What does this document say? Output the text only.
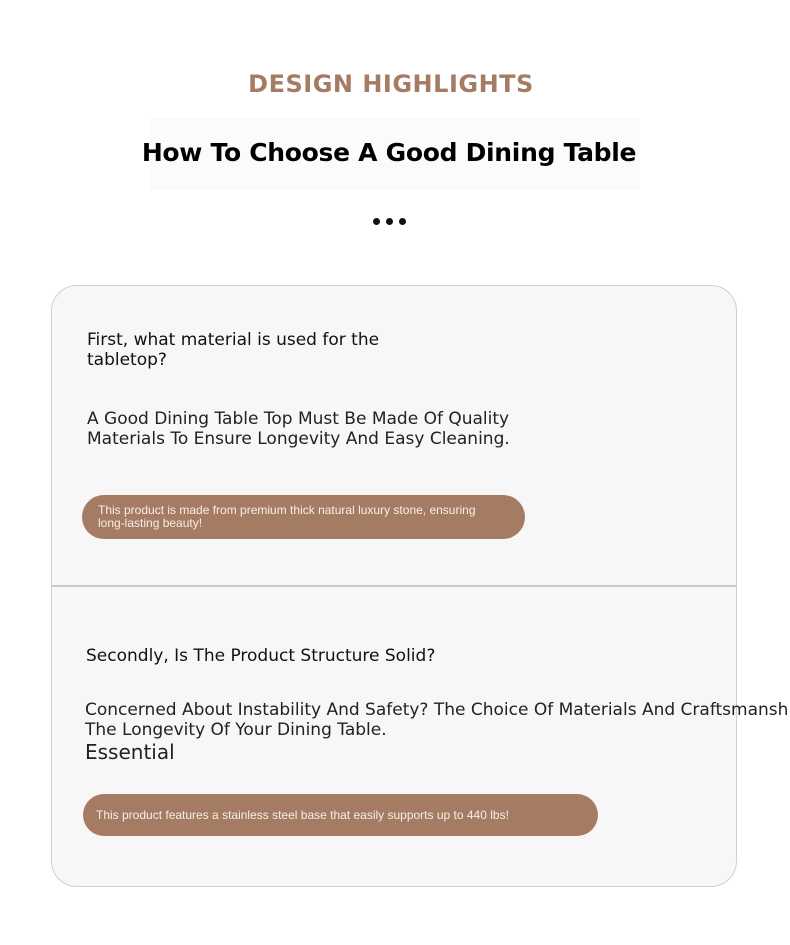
DESIGN HIGHLIGHTS
How To Choose A Good Dining Table
First, what material is used for the
tabletop?
A Good Dining Table Top Must Be Made Of Quality
Materials To Ensure Longevity And Easy Cleaning.
This product is made from premium thick natural luxury stone, ensuring
long-lasting beauty!
Secondly, Is The Product Structure Solid?
Concerned About Instability And Safety? The Choice Of Materials And Craftsmansh
The Longevity Of Your Dining Table.
Essential
This product features a stainless steel base that easily supports up to 440 lbs!
